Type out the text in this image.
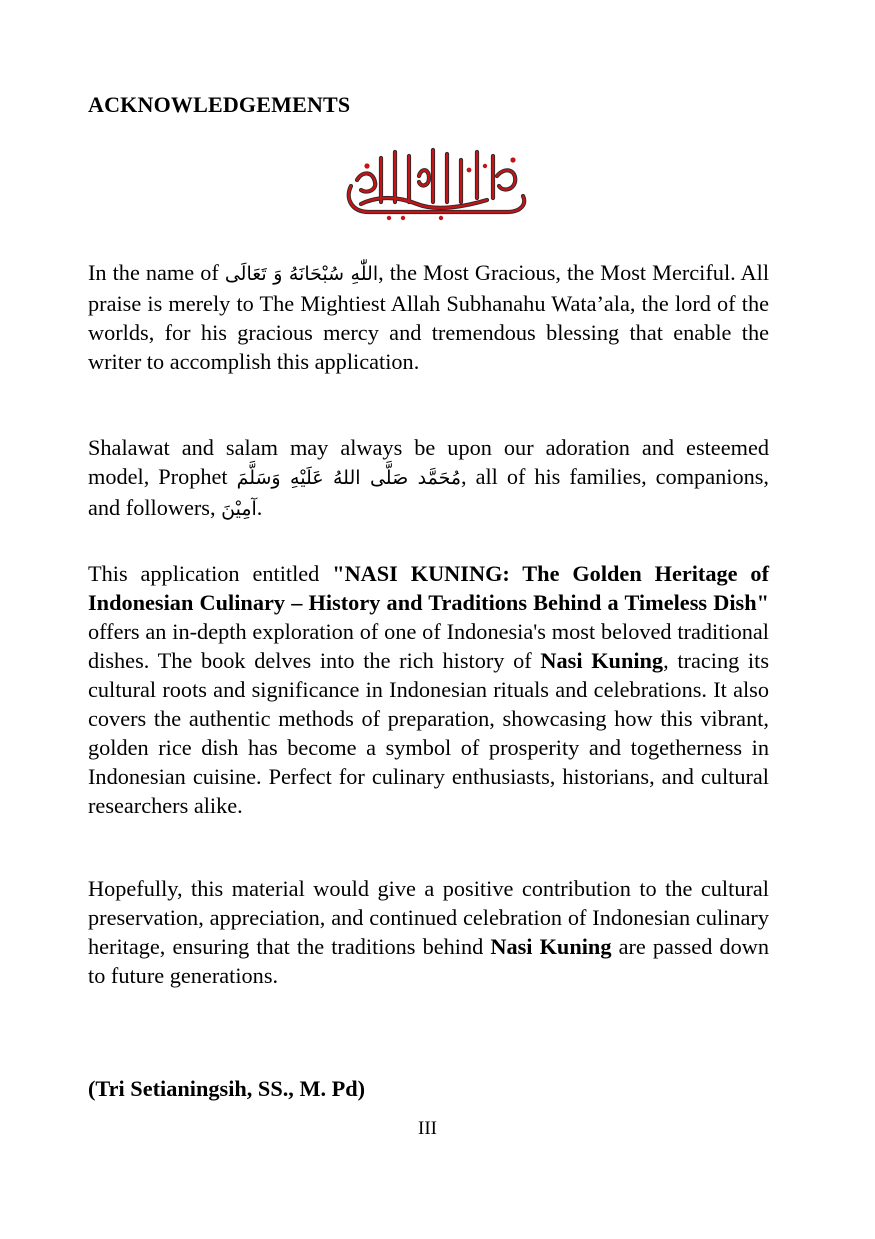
ACKNOWLEDGEMENTS

In the name of اللّٰهِ سُبْحَانَهُ وَ تَعَالَى, the Most Gracious, the Most Merciful. All praise is merely to The Mightiest Allah Subhanahu Wata’ala, the lord of the worlds, for his gracious mercy and tremendous blessing that enable the writer to accomplish this application.

Shalawat and salam may always be upon our adoration and esteemed model, Prophet مُحَمَّد صَلَّى اللهُ عَلَيْهِ وَسَلَّمَ, all of his families, companions, and followers, آمِيْنَ.

This application entitled "NASI KUNING: The Golden Heritage of Indonesian Culinary – History and Traditions Behind a Timeless Dish" offers an in-depth exploration of one of Indonesia's most beloved traditional dishes. The book delves into the rich history of Nasi Kuning, tracing its cultural roots and significance in Indonesian rituals and celebrations. It also covers the authentic methods of preparation, showcasing how this vibrant, golden rice dish has become a symbol of prosperity and togetherness in Indonesian cuisine. Perfect for culinary enthusiasts, historians, and cultural researchers alike.

Hopefully, this material would give a positive contribution to the cultural preservation, appreciation, and continued celebration of Indonesian culinary heritage, ensuring that the traditions behind Nasi Kuning are passed down to future generations.

(Tri Setianingsih, SS., M. Pd)

III
